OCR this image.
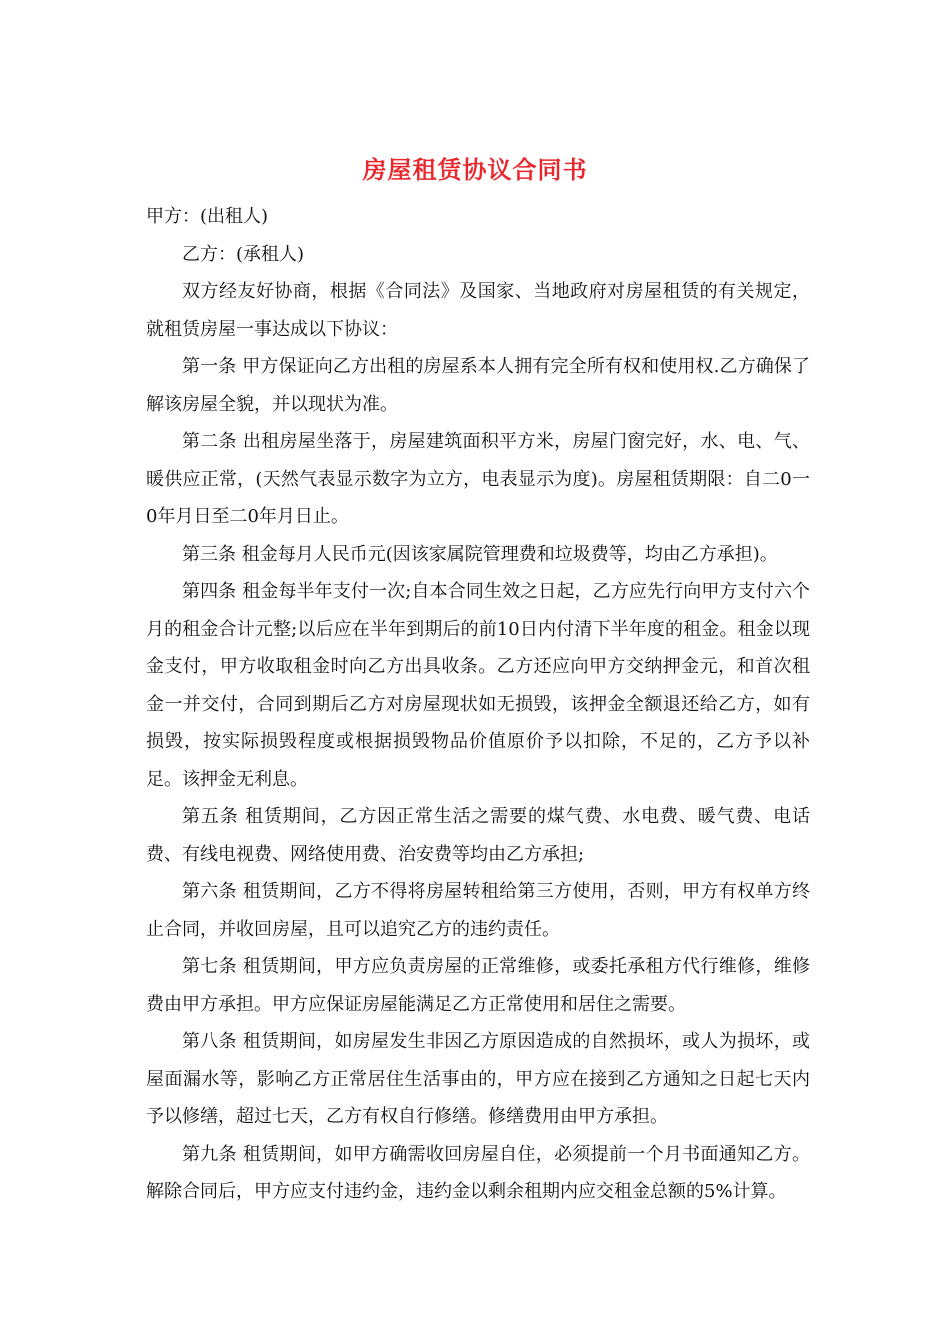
房屋租赁协议合同书

甲方：(出租人)

乙方：(承租人)

双方经友好协商，根据《合同法》及国家、当地政府对房屋租赁的有关规定，就租赁房屋一事达成以下协议：

第一条 甲方保证向乙方出租的房屋系本人拥有完全所有权和使用权.乙方确保了解该房屋全貌，并以现状为准。

第二条 出租房屋坐落于，房屋建筑面积平方米，房屋门窗完好，水、电、气、暖供应正常，(天然气表显示数字为立方，电表显示为度)。房屋租赁期限：自二0一0年月日至二0年月日止。

第三条 租金每月人民币元(因该家属院管理费和垃圾费等，均由乙方承担)。

第四条 租金每半年支付一次;自本合同生效之日起，乙方应先行向甲方支付六个月的租金合计元整;以后应在半年到期后的前10日内付清下半年度的租金。租金以现金支付，甲方收取租金时向乙方出具收条。乙方还应向甲方交纳押金元，和首次租金一并交付，合同到期后乙方对房屋现状如无损毁，该押金全额退还给乙方，如有损毁，按实际损毁程度或根据损毁物品价值原价予以扣除，不足的，乙方予以补足。该押金无利息。

第五条 租赁期间，乙方因正常生活之需要的煤气费、水电费、暖气费、电话费、有线电视费、网络使用费、治安费等均由乙方承担;

第六条 租赁期间，乙方不得将房屋转租给第三方使用，否则，甲方有权单方终止合同，并收回房屋，且可以追究乙方的违约责任。

第七条 租赁期间，甲方应负责房屋的正常维修，或委托承租方代行维修，维修费由甲方承担。甲方应保证房屋能满足乙方正常使用和居住之需要。

第八条 租赁期间，如房屋发生非因乙方原因造成的自然损坏，或人为损坏，或屋面漏水等，影响乙方正常居住生活事由的，甲方应在接到乙方通知之日起七天内予以修缮，超过七天，乙方有权自行修缮。修缮费用由甲方承担。

第九条 租赁期间，如甲方确需收回房屋自住，必须提前一个月书面通知乙方。解除合同后，甲方应支付违约金，违约金以剩余租期内应交租金总额的5%计算。
